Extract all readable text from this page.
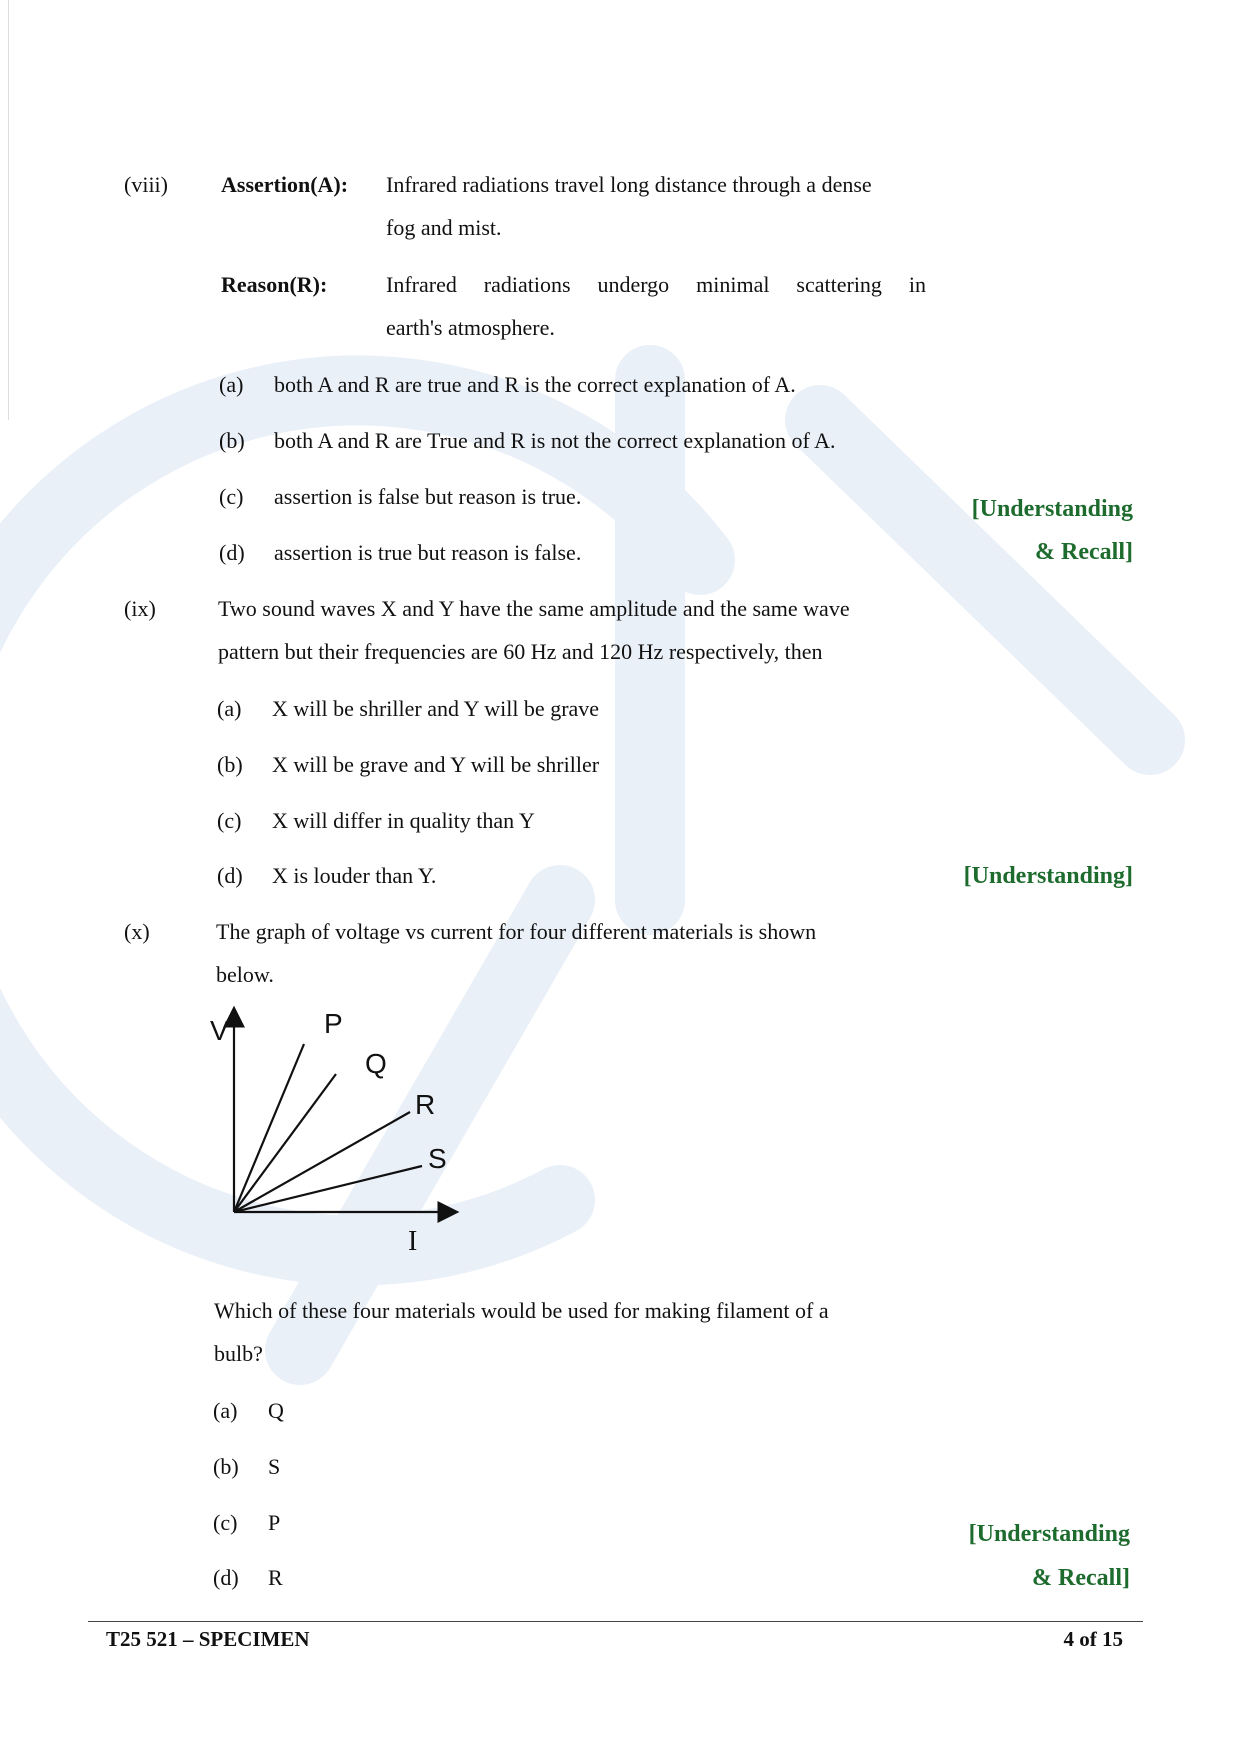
(viii) Assertion(A): Infrared radiations travel long distance through a dense
fog and mist.
Reason(R):	Infrared radiations undergo minimal scattering in
earth's atmosphere.
(a) both A and R are true and R is the correct explanation of A.
(b) both A and R are True and R is not the correct explanation of A.
(c) assertion is false but reason is true.
(d) assertion is true but reason is false.
[Understanding
& Recall]
(ix)	Two sound waves X and Y have the same amplitude and the same wave
pattern but their frequencies are 60 Hz and 120 Hz respectively, then
(a) X will be shriller and Y will be grave
(b) X will be grave and Y will be shriller
(c) X will differ in quality than Y
(d) X is louder than Y.	[Understanding]
(x)	The graph of voltage vs current for four different materials is shown
below.
V
I
P
Q
R
S
Which of these four materials would be used for making filament of a
bulb?
(a) Q
(b) S
(c) P
(d) R
[Understanding
& Recall]
T25 521 – SPECIMEN	4 of 15
